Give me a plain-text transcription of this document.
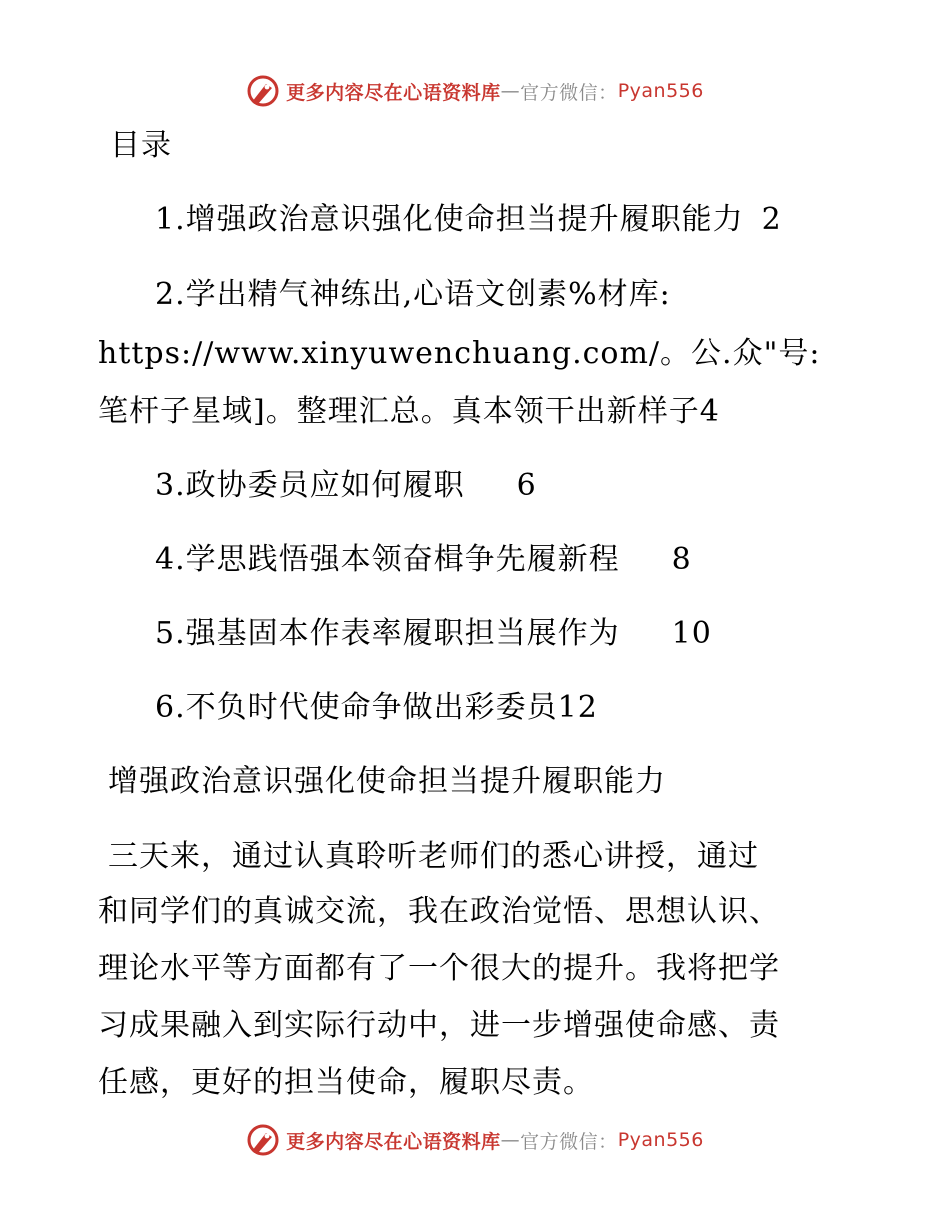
更多内容尽在心语资料库 — 官方微信： Pyan556
目录
1.增强政治意识强化使命担当提升履职能力 2
2.学出精气神练出,心语文创素%材库:
https://www.xinyuwenchuang.com/。公.众"号:
笔杆子星域]。整理汇总。真本领干出新样子4
3.政协委员应如何履职 6
4.学思践悟强本领奋楫争先履新程 8
5.强基固本作表率履职担当展作为 10
6.不负时代使命争做出彩委员12
增强政治意识强化使命担当提升履职能力
三天来，通过认真聆听老师们的悉心讲授，通过
和同学们的真诚交流，我在政治觉悟、思想认识、
理论水平等方面都有了一个很大的提升。我将把学
习成果融入到实际行动中，进一步增强使命感、责
任感，更好的担当使命，履职尽责。
更多内容尽在心语资料库 — 官方微信： Pyan556
